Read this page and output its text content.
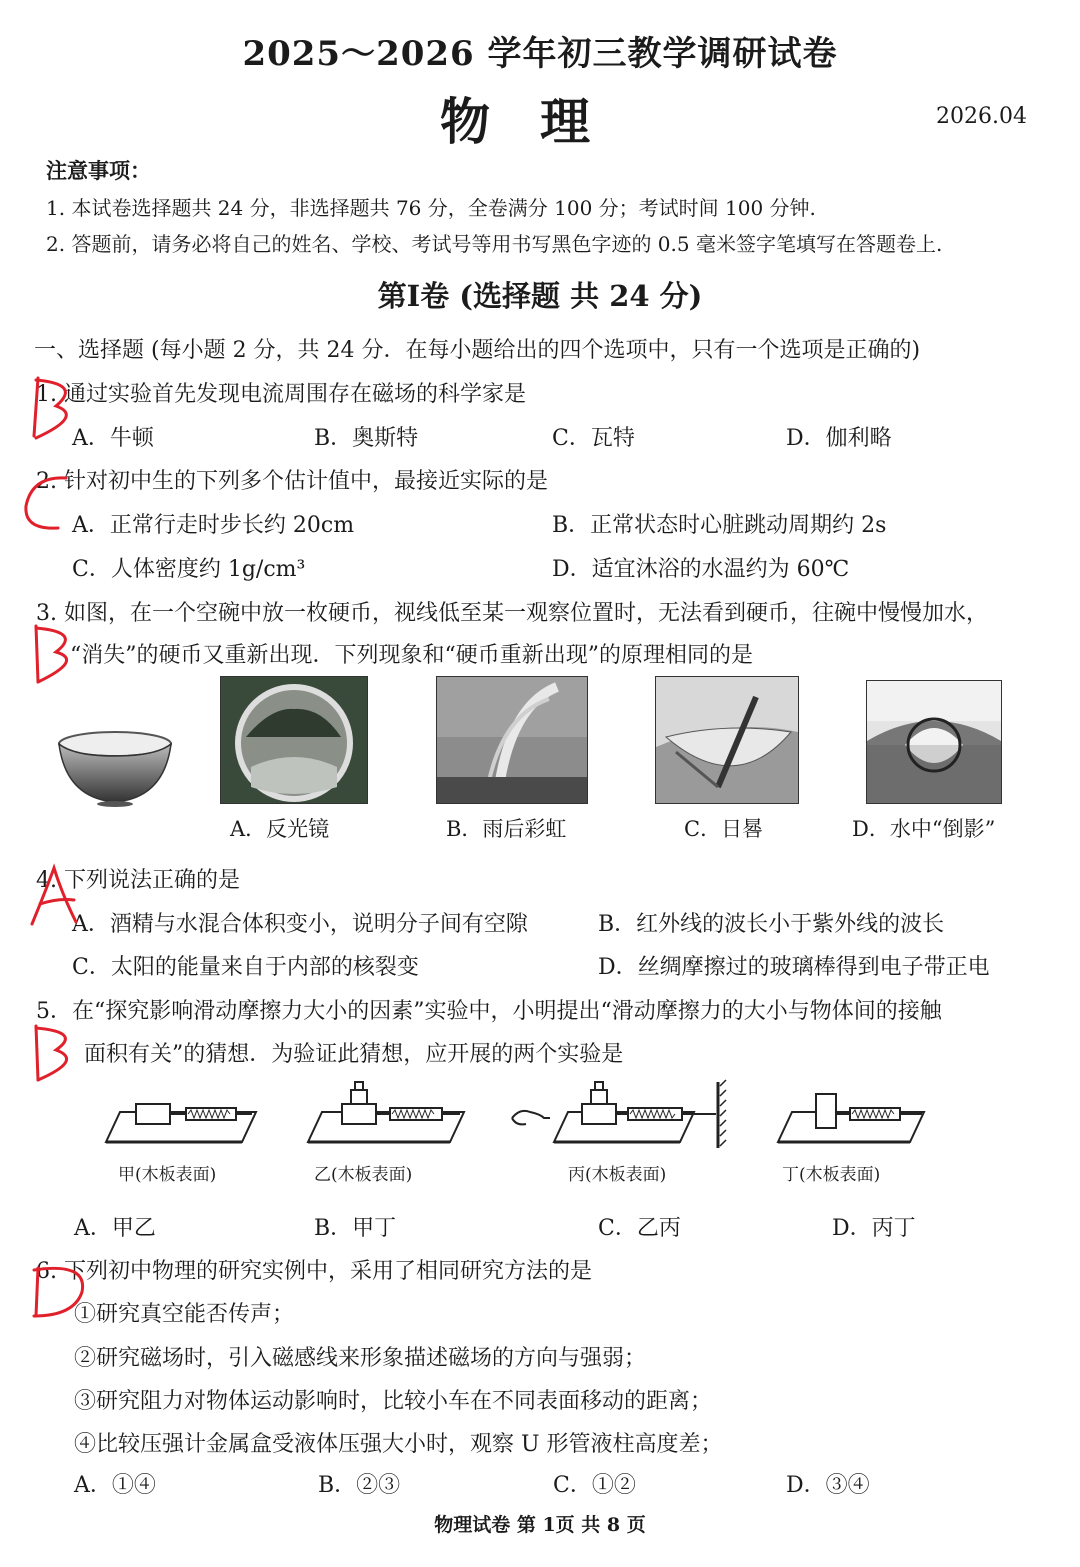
2025～2026 学年初三教学调研试卷
物理	2026.04
注意事项：
1. 本试卷选择题共 24 分，非选择题共 76 分，全卷满分 100 分；考试时间 100 分钟.
2. 答题前，请务必将自己的姓名、学校、考试号等用书写黑色字迹的 0.5 毫米签字笔填写在答题卷上.
第Ⅰ卷 (选择题 共 24 分)
一、选择题 (每小题 2 分，共 24 分．在每小题给出的四个选项中，只有一个选项是正确的)
1. 通过实验首先发现电流周围存在磁场的科学家是
A．牛顿	B．奥斯特	C．瓦特	D．伽利略
2. 针对初中生的下列多个估计值中，最接近实际的是
A．正常行走时步长约 20cm	B．正常状态时心脏跳动周期约 2s
C．人体密度约 1g/cm³	D．适宜沐浴的水温约为 60℃
3. 如图，在一个空碗中放一枚硬币，视线低至某一观察位置时，无法看到硬币，往碗中慢慢加水，
“消失”的硬币又重新出现．下列现象和“硬币重新出现”的原理相同的是
A．反光镜	B．雨后彩虹	C．日晷	D．水中“倒影”
4. 下列说法正确的是
A．酒精与水混合体积变小，说明分子间有空隙	B．红外线的波长小于紫外线的波长
C．太阳的能量来自于内部的核裂变	D．丝绸摩擦过的玻璃棒得到电子带正电
5．在“探究影响滑动摩擦力大小的因素”实验中，小明提出“滑动摩擦力的大小与物体间的接触
面积有关”的猜想．为验证此猜想，应开展的两个实验是
甲(木板表面)	乙(木板表面)	丙(木板表面)	丁(木板表面)
A．甲乙	B．甲丁	C．乙丙	D．丙丁
6. 下列初中物理的研究实例中，采用了相同研究方法的是
①研究真空能否传声；
②研究磁场时，引入磁感线来形象描述磁场的方向与强弱；
③研究阻力对物体运动影响时，比较小车在不同表面移动的距离；
④比较压强计金属盒受液体压强大小时，观察 U 形管液柱高度差；
A．①④	B．②③	C．①②	D．③④
物理试卷 第 1页 共 8 页
